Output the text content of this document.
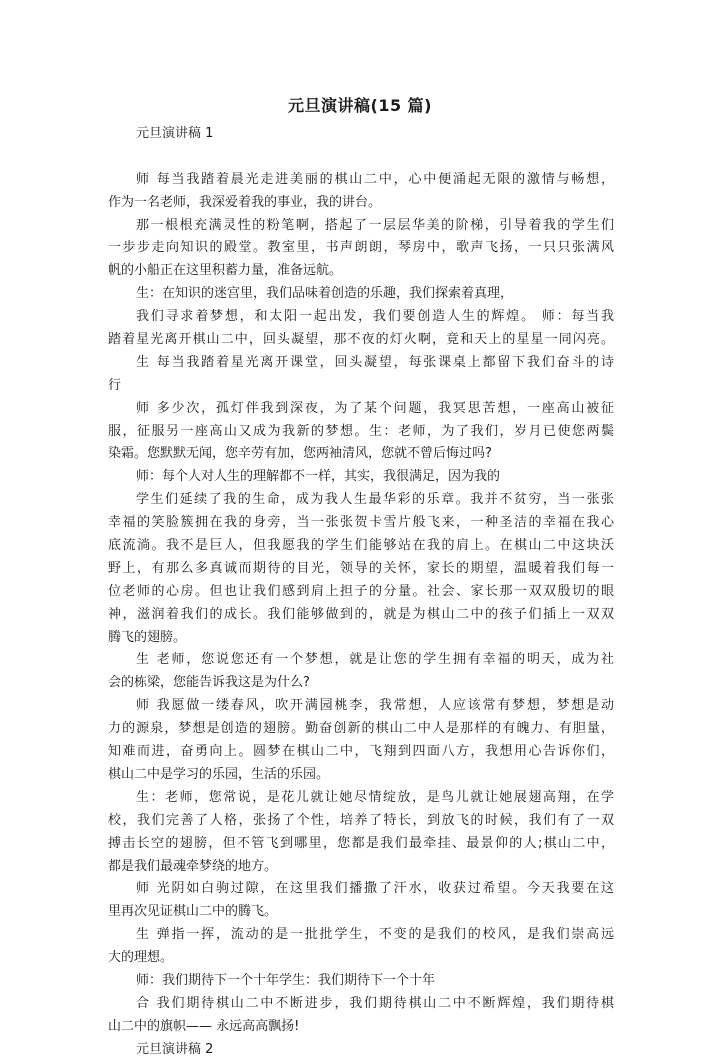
元旦演讲稿(15 篇)
元旦演讲稿 1
师 每当我踏着晨光走进美丽的棋山二中，心中便涌起无限的激情与畅想，
作为一名老师，我深爱着我的事业，我的讲台。
那一根根充满灵性的粉笔啊，搭起了一层层华美的阶梯，引导着我的学生们
一步步走向知识的殿堂。教室里，书声朗朗，琴房中，歌声飞扬，一只只张满风
帆的小船正在这里积蓄力量，准备远航。
生：在知识的迷宫里，我们品味着创造的乐趣，我们探索着真理，
我们寻求着梦想，和太阳一起出发，我们要创造人生的辉煌。 师：每当我
踏着星光离开棋山二中，回头凝望，那不夜的灯火啊，竟和天上的星星一同闪亮。
生 每当我踏着星光离开课堂，回头凝望，每张课桌上都留下我们奋斗的诗
行
师 多少次，孤灯伴我到深夜，为了某个问题，我冥思苦想，一座高山被征
服，征服另一座高山又成为我新的梦想。生：老师，为了我们，岁月已使您两鬓
染霜。您默默无闻，您辛劳有加，您两袖清风，您就不曾后悔过吗?
师：每个人对人生的理解都不一样，其实，我很满足，因为我的
学生们延续了我的生命，成为我人生最华彩的乐章。我并不贫穷，当一张张
幸福的笑脸簇拥在我的身旁，当一张张贺卡雪片般飞来，一种圣洁的幸福在我心
底流淌。我不是巨人，但我愿我的学生们能够站在我的肩上。在棋山二中这块沃
野上，有那么多真诚而期待的目光，领导的关怀，家长的期望，温暖着我们每一
位老师的心房。但也让我们感到肩上担子的分量。社会、家长那一双双殷切的眼
神，滋润着我们的成长。我们能够做到的，就是为棋山二中的孩子们插上一双双
腾飞的翅膀。
生 老师，您说您还有一个梦想，就是让您的学生拥有幸福的明天，成为社
会的栋梁，您能告诉我这是为什么?
师 我愿做一缕春风，吹开满园桃李，我常想，人应该常有梦想，梦想是动
力的源泉，梦想是创造的翅膀。勤奋创新的棋山二中人是那样的有魄力、有胆量，
知难而进，奋勇向上。圆梦在棋山二中，飞翔到四面八方，我想用心告诉你们，
棋山二中是学习的乐园，生活的乐园。
生：老师，您常说，是花儿就让她尽情绽放，是鸟儿就让她展翅高翔，在学
校，我们完善了人格，张扬了个性，培养了特长，到放飞的时候，我们有了一双
搏击长空的翅膀，但不管飞到哪里，您都是我们最牵挂、最景仰的人;棋山二中，
都是我们最魂牵梦绕的地方。
师 光阴如白驹过隙，在这里我们播撒了汗水，收获过希望。今天我要在这
里再次见证棋山二中的腾飞。
生 弹指一挥，流动的是一批批学生，不变的是我们的校风，是我们崇高远
大的理想。
师：我们期待下一个十年学生：我们期待下一个十年
合 我们期待棋山二中不断进步，我们期待棋山二中不断辉煌，我们期待棋
山二中的旗帜—— 永远高高飘扬!
元旦演讲稿 2
